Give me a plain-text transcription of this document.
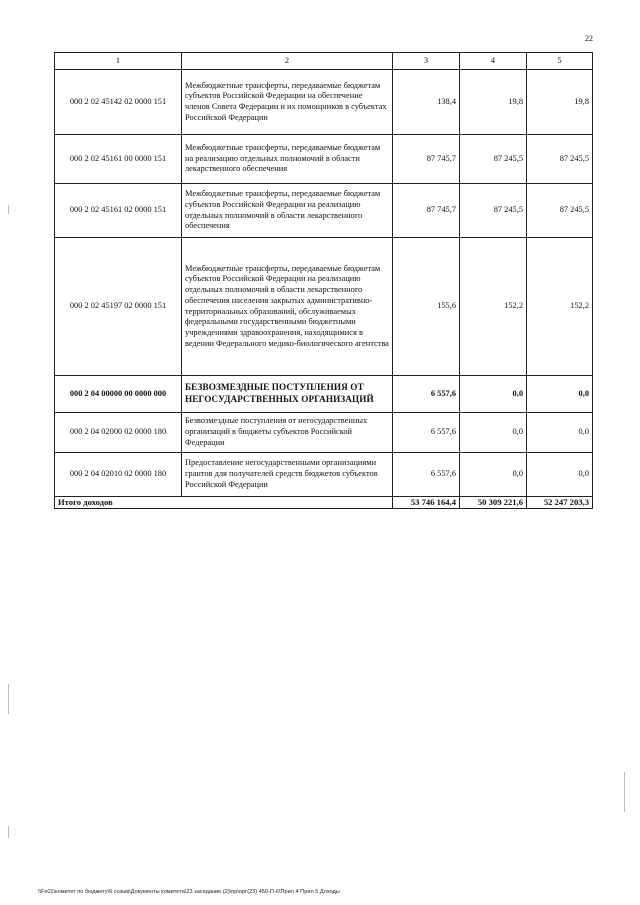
22
1	2	3	4	5
000 2 02 45142 02 0000 151	Межбюджетные трансферты, передаваемые бюджетам субъектов Российской Федерации на обеспечение членов Совета Федерации и их помощников в субъектах Российской Федерации	138,4	19,8	19,8
000 2 02 45161 00 0000 151	Межбюджетные трансферты, передаваемые бюджетам на реализацию отдельных полномочий в области лекарственного обеспечения	87 745,7	87 245,5	87 245,5
000 2 02 45161 02 0000 151	Межбюджетные трансферты, передаваемые бюджетам субъектов Российской Федерации на реализацию отдельных полномочий в области лекарственного обеспечения	87 745,7	87 245,5	87 245,5
000 2 02 45197 02 0000 151	Межбюджетные трансферты, передаваемые бюджетам субъектов Российской Федерации на реализацию отдельных полномочий в области лекарственного обеспечения населения закрытых административно-территориальных образований, обслуживаемых федеральными государственными бюджетными учреждениями здравоохранения, находящимися в ведении Федерального медико-биологического агентства	155,6	152,2	152,2
000 2 04 00000 00 0000 000	БЕЗВОЗМЕЗДНЫЕ ПОСТУПЛЕНИЯ ОТ НЕГОСУДАРСТВЕННЫХ ОРГАНИЗАЦИЙ	6 557,6	0,0	0,0
000 2 04 02000 02 0000 180	Безвозмездные поступления от негосударственных организаций в бюджеты субъектов Российской Федерации	6 557,6	0,0	0,0
000 2 04 02010 02 0000 180	Предоставление негосударственными организациями грантов для получателей средств бюджетов субъектов Российской Федерации	6 557,6	0,0	0,0
Итого доходов		53 746 164,4	50 309 221,6	52 247 203,3
\\Fs01\комитет по бюджету\6 созыв\Документы комитета\23 заседание (2)\пр\орг(23) 450-П-6\Прил 4 Прил 5 Доходы
